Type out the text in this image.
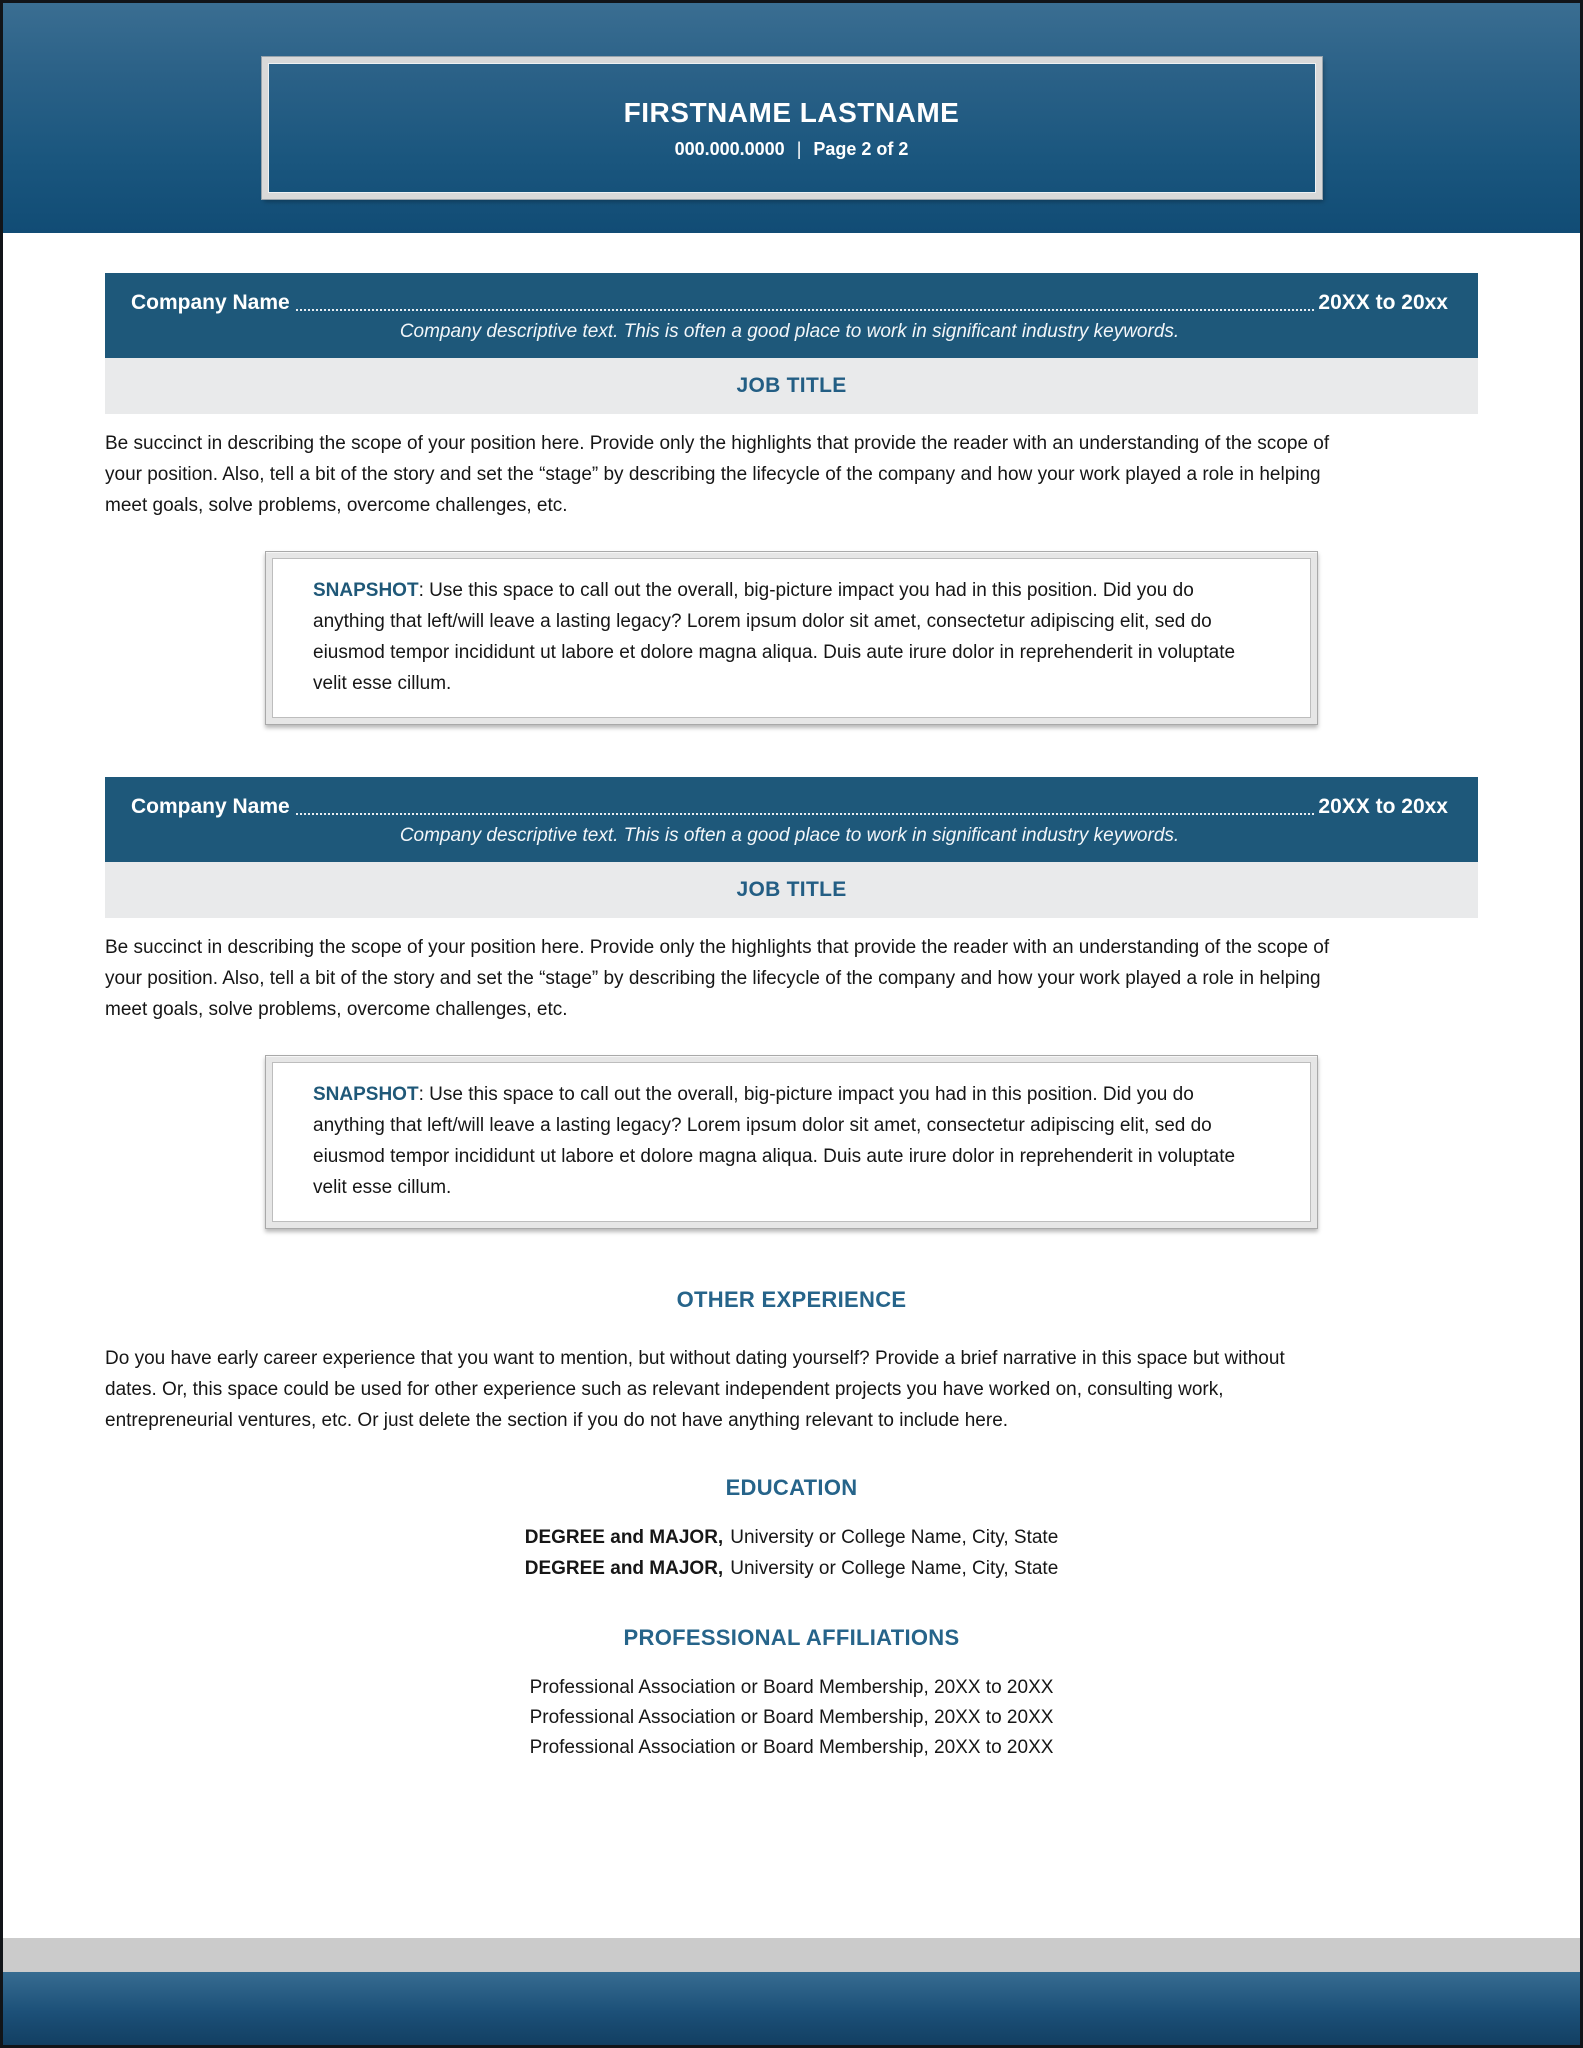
FIRSTNAME LASTNAME
000.000.0000 | Page 2 of 2
Company Name	20XX to 20xx
Company descriptive text. This is often a good place to work in significant industry keywords.
JOB TITLE

Be succinct in describing the scope of your position here. Provide only the highlights that provide the reader with an understanding of the scope of your position. Also, tell a bit of the story and set the “stage” by describing the lifecycle of the company and how your work played a role in helping meet goals, solve problems, overcome challenges, etc.

SNAPSHOT: Use this space to call out the overall, big-picture impact you had in this position. Did you do anything that left/will leave a lasting legacy? Lorem ipsum dolor sit amet, consectetur adipiscing elit, sed do eiusmod tempor incididunt ut labore et dolore magna aliqua. Duis aute irure dolor in reprehenderit in voluptate velit esse cillum.
Company Name	20XX to 20xx
Company descriptive text. This is often a good place to work in significant industry keywords.
JOB TITLE

Be succinct in describing the scope of your position here. Provide only the highlights that provide the reader with an understanding of the scope of your position. Also, tell a bit of the story and set the “stage” by describing the lifecycle of the company and how your work played a role in helping meet goals, solve problems, overcome challenges, etc.

SNAPSHOT: Use this space to call out the overall, big-picture impact you had in this position. Did you do anything that left/will leave a lasting legacy? Lorem ipsum dolor sit amet, consectetur adipiscing elit, sed do eiusmod tempor incididunt ut labore et dolore magna aliqua. Duis aute irure dolor in reprehenderit in voluptate velit esse cillum.
OTHER EXPERIENCE

Do you have early career experience that you want to mention, but without dating yourself? Provide a brief narrative in this space but without dates. Or, this space could be used for other experience such as relevant independent projects you have worked on, consulting work, entrepreneurial ventures, etc. Or just delete the section if you do not have anything relevant to include here.

EDUCATION
DEGREE and MAJOR, University or College Name, City, State
DEGREE and MAJOR, University or College Name, City, State
PROFESSIONAL AFFILIATIONS
Professional Association or Board Membership, 20XX to 20XX
Professional Association or Board Membership, 20XX to 20XX
Professional Association or Board Membership, 20XX to 20XX
